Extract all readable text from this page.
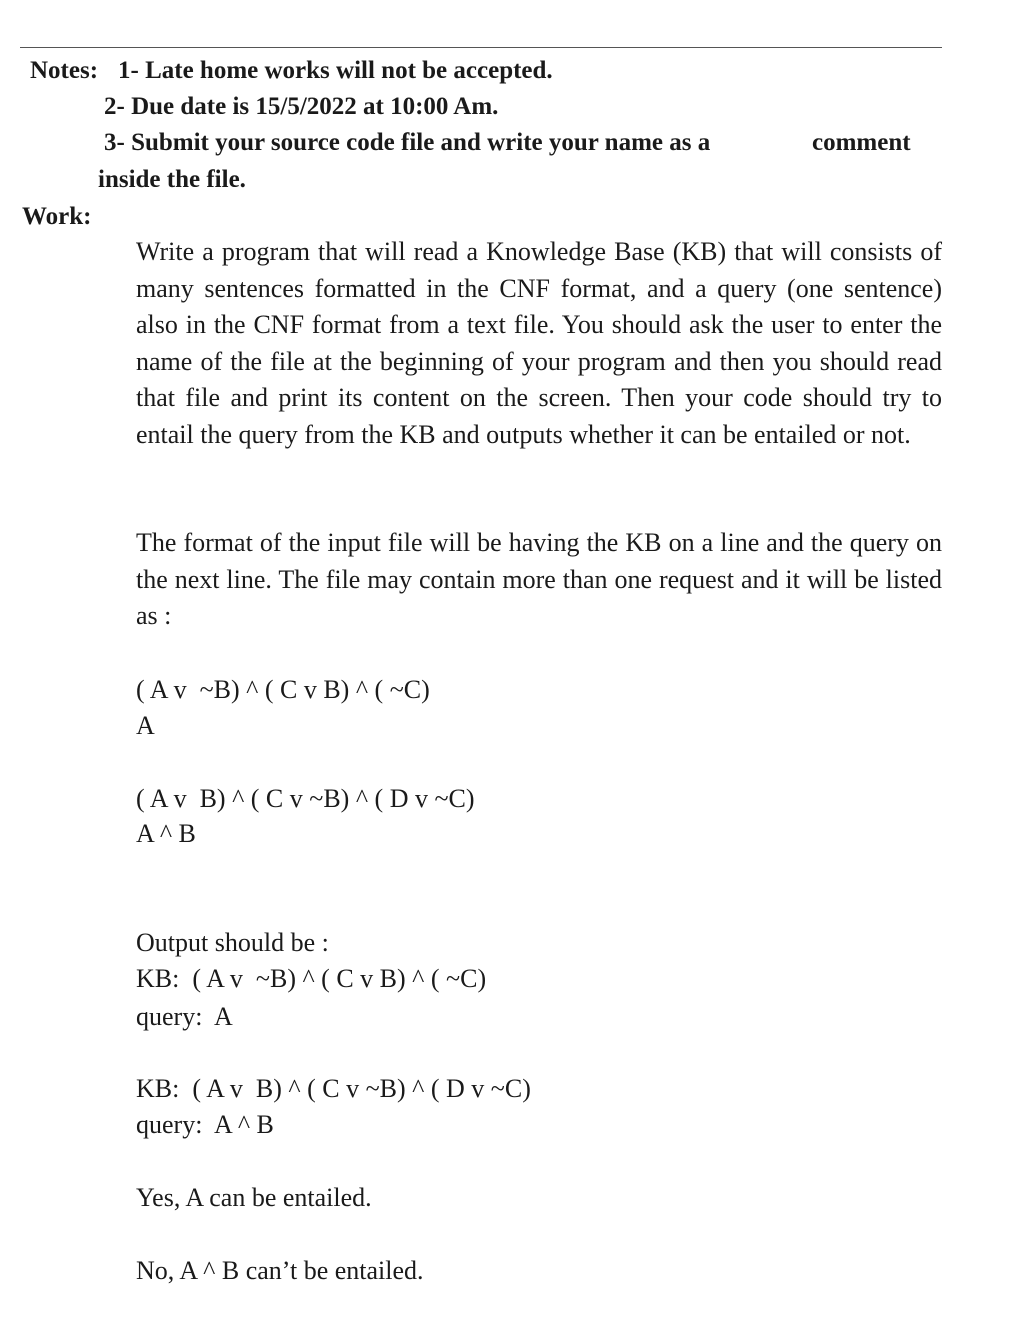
Notes: 1- Late home works will not be accepted.
2- Due date is 15/5/2022 at 10:00 Am.
3- Submit your source code file and write your name as a	comment
inside the file.
Work:

Write a program that will read a Knowledge Base (KB) that will consists of many sentences formatted in the CNF format, and a query (one sentence) also in the CNF format from a text file. You should ask the user to enter the name of the file at the beginning of your program and then you should read that file and print its content on the screen. Then your code should try to entail the query from the KB and outputs whether it can be entailed or not.

The format of the input file will be having the KB on a line and the query on the next line. The file may contain more than one request and it will be listed as :

( A v  ~B) ^ ( C v B) ^ ( ~C)
A
( A v  B) ^ ( C v ~B) ^ ( D v ~C)
A ^ B
Output should be :
KB:  ( A v  ~B) ^ ( C v B) ^ ( ~C)
query:  A
KB:  ( A v  B) ^ ( C v ~B) ^ ( D v ~C)
query:  A ^ B
Yes, A can be entailed.
No, A ^ B can’t be entailed.
